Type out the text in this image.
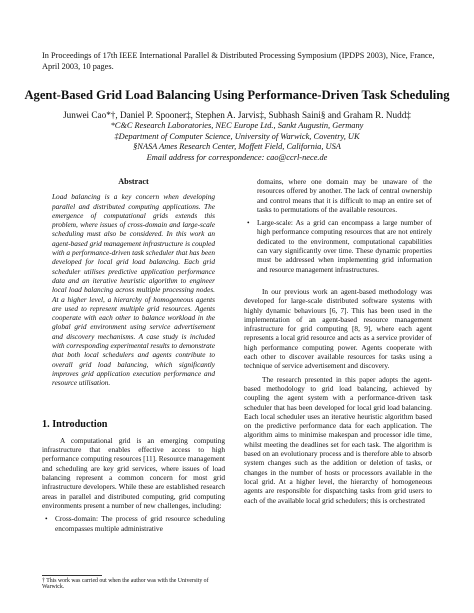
In Proceedings of 17th IEEE International Parallel & Distributed Processing Symposium (IPDPS 2003), Nice, France, April 2003, 10 pages.
Agent-Based Grid Load Balancing Using Performance-Driven Task Scheduling
Junwei Cao*†, Daniel P. Spooner‡, Stephen A. Jarvis‡, Subhash Saini§ and Graham R. Nudd‡
*C&C Research Laboratories, NEC Europe Ltd., Sankt Augustin, Germany
‡Department of Computer Science, University of Warwick, Coventry, UK
§NASA Ames Research Center, Moffett Field, California, USA
Email address for correspondence: cao@ccrl-nece.de
Abstract
Load balancing is a key concern when developing parallel and distributed computing applications. The emergence of computational grids extends this problem, where issues of cross-domain and large-scale scheduling must also be considered. In this work an agent-based grid management infrastructure is coupled with a performance-driven task scheduler that has been developed for local grid load balancing. Each grid scheduler utilises predictive application performance data and an iterative heuristic algorithm to engineer local load balancing across multiple processing nodes. At a higher level, a hierarchy of homogeneous agents are used to represent multiple grid resources. Agents cooperate with each other to balance workload in the global grid environment using service advertisement and discovery mechanisms. A case study is included with corresponding experimental results to demonstrate that both local schedulers and agents contribute to overall grid load balancing, which significantly improves grid application execution performance and resource utilisation.
1. Introduction

A computational grid is an emerging computing infrastructure that enables effective access to high performance computing resources [11]. Resource management and scheduling are key grid services, where issues of load balancing represent a common concern for most grid infrastructure developers. While these are established research areas in parallel and distributed computing, grid computing environments present a number of new challenges, including:

• Cross-domain: The process of grid resource scheduling encompasses multiple administrative

domains, where one domain may be unaware of the resources offered by another. The lack of central ownership and control means that it is difficult to map an entire set of tasks to permutations of the available resources.

• Large-scale: As a grid can encompass a large number of high performance computing resources that are not entirely dedicated to the environment, computational capabilities can vary significantly over time. These dynamic properties must be addressed when implementing grid information and resource management infrastructures.

In our previous work an agent-based methodology was developed for large-scale distributed software systems with highly dynamic behaviours [6, 7]. This has been used in the implementation of an agent-based resource management infrastructure for grid computing [8, 9], where each agent represents a local grid resource and acts as a service provider of high performance computing power. Agents cooperate with each other to discover available resources for tasks using a technique of service advertisement and discovery.

The research presented in this paper adopts the agent-based methodology to grid load balancing, achieved by coupling the agent system with a performance-driven task scheduler that has been developed for local grid load balancing. Each local scheduler uses an iterative heuristic algorithm based on the predictive performance data for each application. The algorithm aims to minimise makespan and processor idle time, whilst meeting the deadlines set for each task. The algorithm is based on an evolutionary process and is therefore able to absorb system changes such as the addition or deletion of tasks, or changes in the number of hosts or processors available in the local grid. At a higher level, the hierarchy of homogeneous agents are responsible for dispatching tasks from grid users to each of the available local grid schedulers; this is orchestrated

† This work was carried out when the author was with the University of Warwick.
